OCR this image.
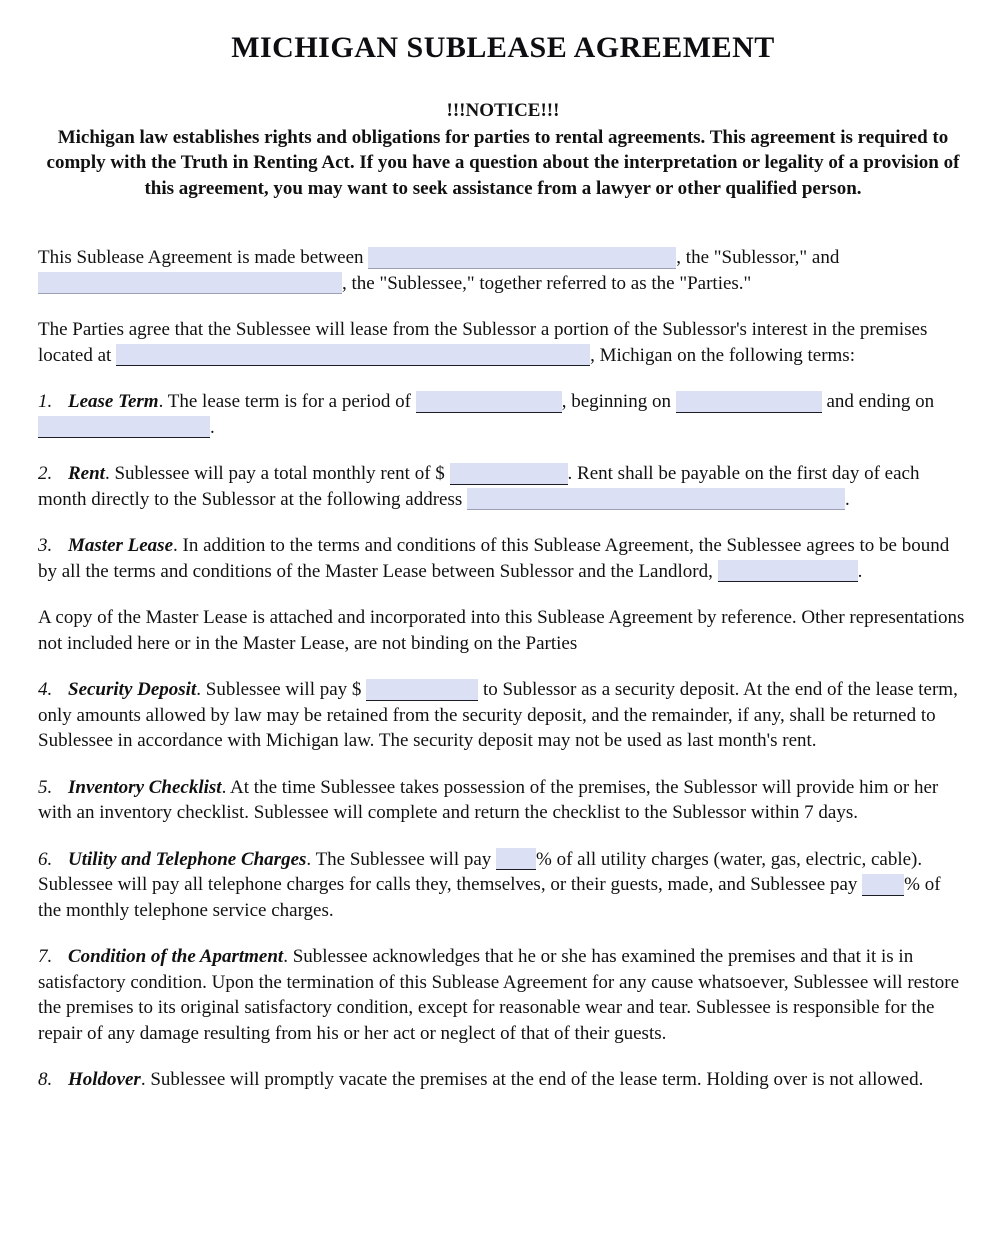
MICHIGAN SUBLEASE AGREEMENT

!!!NOTICE!!!

Michigan law establishes rights and obligations for parties to rental agreements. This agreement is required to comply with the Truth in Renting Act. If you have a question about the interpretation or legality of a provision of this agreement, you may want to seek assistance from a lawyer or other qualified person.

This Sublease Agreement is made between	, the "Sublessor," and , the "Sublessee," together referred to as the "Parties."

The Parties agree that the Sublessee will lease from the Sublessor a portion of the Sublessor's interest in the premises located at	, Michigan on the following terms:

1. Lease Term. The lease term is for a period of	, beginning on	and ending on .

2. Rent. Sublessee will pay a total monthly rent of $	. Rent shall be payable on the first day of each month directly to the Sublessor at the following address	.

3. Master Lease. In addition to the terms and conditions of this Sublease Agreement, the Sublessee agrees to be bound by all the terms and conditions of the Master Lease between Sublessor and the Landlord,	.

A copy of the Master Lease is attached and incorporated into this Sublease Agreement by reference. Other representations not included here or in the Master Lease, are not binding on the Parties

4. Security Deposit. Sublessee will pay $	to Sublessor as a security deposit. At the end of the lease term, only amounts allowed by law may be retained from the security deposit, and the remainder, if any, shall be returned to Sublessee in accordance with Michigan law. The security deposit may not be used as last month's rent.

5. Inventory Checklist. At the time Sublessee takes possession of the premises, the Sublessor will provide him or her with an inventory checklist. Sublessee will complete and return the checklist to the Sublessor within 7 days.

6. Utility and Telephone Charges. The Sublessee will pay % of all utility charges (water, gas, electric, cable). Sublessee will pay all telephone charges for calls they, themselves, or their guests, made, and Sublessee pay % of the monthly telephone service charges.

7. Condition of the Apartment. Sublessee acknowledges that he or she has examined the premises and that it is in satisfactory condition. Upon the termination of this Sublease Agreement for any cause whatsoever, Sublessee will restore the premises to its original satisfactory condition, except for reasonable wear and tear. Sublessee is responsible for the repair of any damage resulting from his or her act or neglect of that of their guests.

8. Holdover. Sublessee will promptly vacate the premises at the end of the lease term. Holding over is not allowed.
